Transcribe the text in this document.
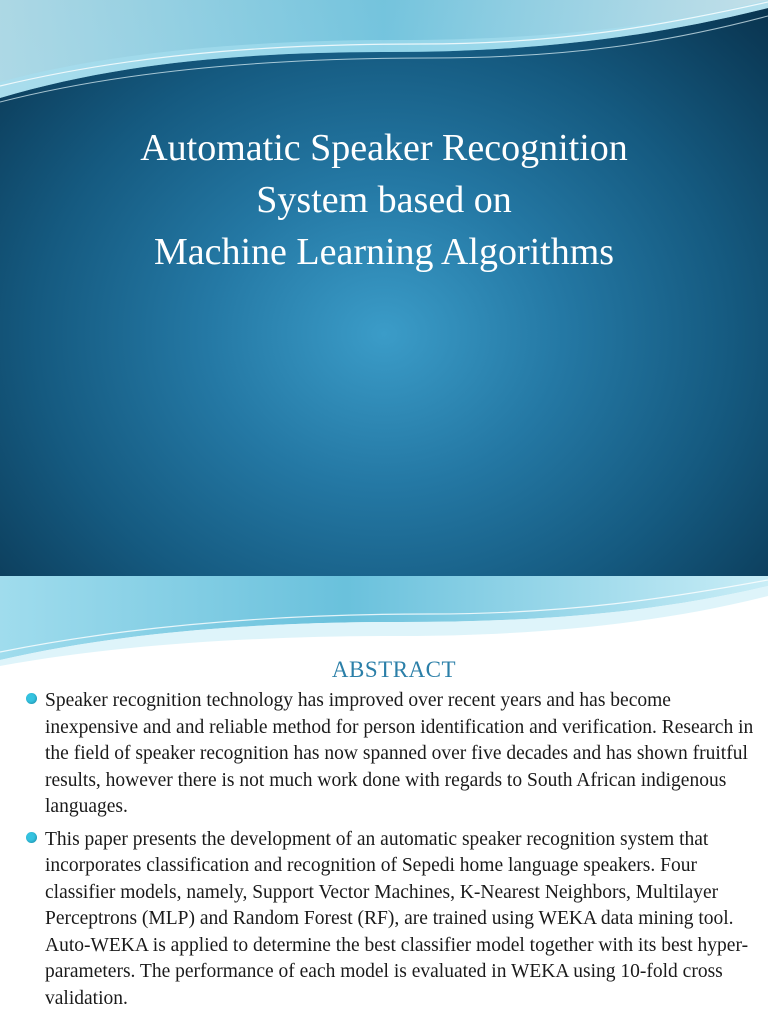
Automatic Speaker Recognition
System based on
Machine Learning Algorithms
ABSTRACT
Speaker recognition technology has improved over recent years and has become inexpensive and and reliable method for person identification and verification. Research in the field of speaker recognition has now spanned over five decades and has shown fruitful results, however there is not much work done with regards to South African indigenous languages.
This paper presents the development of an automatic speaker recognition system that incorporates classification and recognition of Sepedi home language speakers. Four classifier models, namely, Support Vector Machines, K-Nearest Neighbors, Multilayer Perceptrons (MLP) and Random Forest (RF), are trained using WEKA data mining tool. Auto-WEKA is applied to determine the best classifier model together with its best hyper-parameters. The performance of each model is evaluated in WEKA using 10-fold cross validation.
